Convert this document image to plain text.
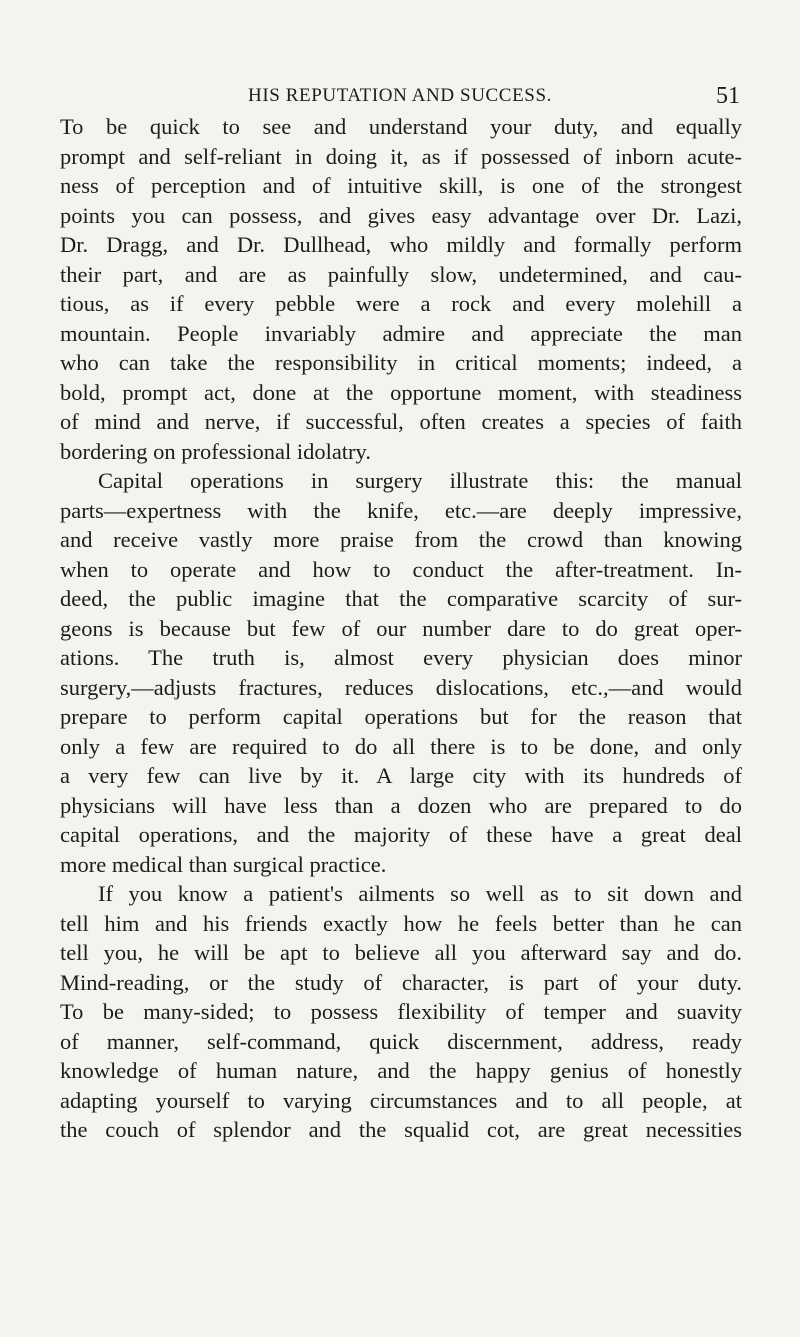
HIS REPUTATION AND SUCCESS.	51
To be quick to see and understand your duty, and equally
prompt and self-reliant in doing it, as if possessed of inborn acute-
ness of perception and of intuitive skill, is one of the strongest
points you can possess, and gives easy advantage over Dr. Lazi,
Dr. Dragg, and Dr. Dullhead, who mildly and formally perform
their part, and are as painfully slow, undetermined, and cau-
tious, as if every pebble were a rock and every molehill a
mountain. People invariably admire and appreciate the man
who can take the responsibility in critical moments; indeed, a
bold, prompt act, done at the opportune moment, with steadiness
of mind and nerve, if successful, often creates a species of faith
bordering on professional idolatry.
Capital operations in surgery illustrate this: the manual
parts—expertness with the knife, etc.—are deeply impressive,
and receive vastly more praise from the crowd than knowing
when to operate and how to conduct the after-treatment. In-
deed, the public imagine that the comparative scarcity of sur-
geons is because but few of our number dare to do great oper-
ations. The truth is, almost every physician does minor
surgery,—adjusts fractures, reduces dislocations, etc.,—and would
prepare to perform capital operations but for the reason that
only a few are required to do all there is to be done, and only
a very few can live by it. A large city with its hundreds of
physicians will have less than a dozen who are prepared to do
capital operations, and the majority of these have a great deal
more medical than surgical practice.
If you know a patient's ailments so well as to sit down and
tell him and his friends exactly how he feels better than he can
tell you, he will be apt to believe all you afterward say and do.
Mind-reading, or the study of character, is part of your duty.
To be many-sided; to possess flexibility of temper and suavity
of manner, self-command, quick discernment, address, ready
knowledge of human nature, and the happy genius of honestly
adapting yourself to varying circumstances and to all people, at
the couch of splendor and the squalid cot, are great necessities
